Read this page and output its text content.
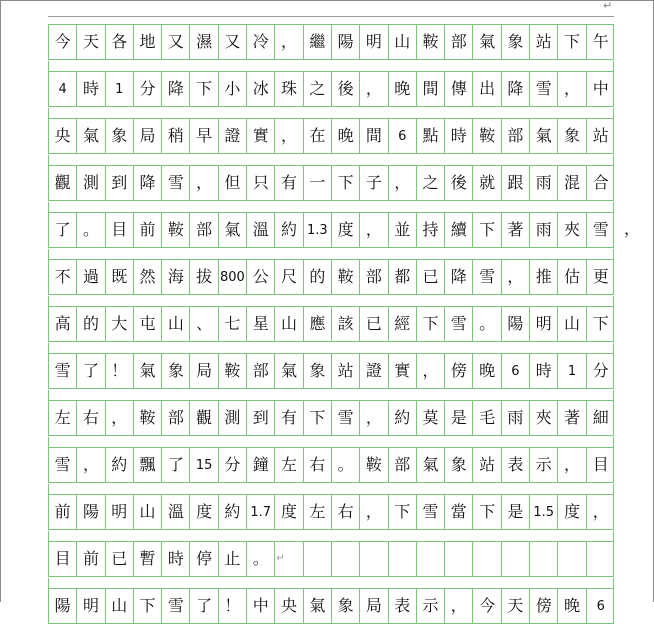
↵
今 天 各 地 又 濕 又 冷 ， 繼 陽 明 山 鞍 部 氣 象 站 下 午
4	時	1	分 降 下 小 冰 珠 之 後 ， 晚 間 傳 出 降 雪 ， 中
央 氣 象 局 稍 早 證 實 ， 在 晚 間	6	點 時 鞍 部 氣 象 站
觀 測 到 降 雪 ， 但 只 有 一 下 子 ， 之 後 就 跟 雨 混 合
了 。 目 前 鞍 部 氣 溫 約 1.3 度 ， 並 持 續 下 著 雨 夾 雪
不 過 既 然 海 拔 800 公 尺 的 鞍 部 都 已 降 雪 ， 推 估 更
高 的 大 屯 山 、 七 星 山 應 該 已 經 下 雪 。 陽 明 山 下
雪 了 ！ 氣 象 局 鞍 部 氣 象 站 證 實 ， 傍 晚	6	時	1	分
左 右 ， 鞍 部 觀 測 到 有 下 雪 ， 約 莫 是 毛 雨 夾 著 細
雪 ， 約 飄 了 15 分 鐘 左 右 。 鞍 部 氣 象 站 表 示 ， 目
前 陽 明 山 溫 度 約 1.7 度 左 右 ， 下 雪 當 下 是 1.5 度 ，
目 前 已 暫 時 停 止 。 ↵
陽 明 山 下 雪 了 ！ 中 央 氣 象 局 表 示 ， 今 天 傍 晚	6
，
